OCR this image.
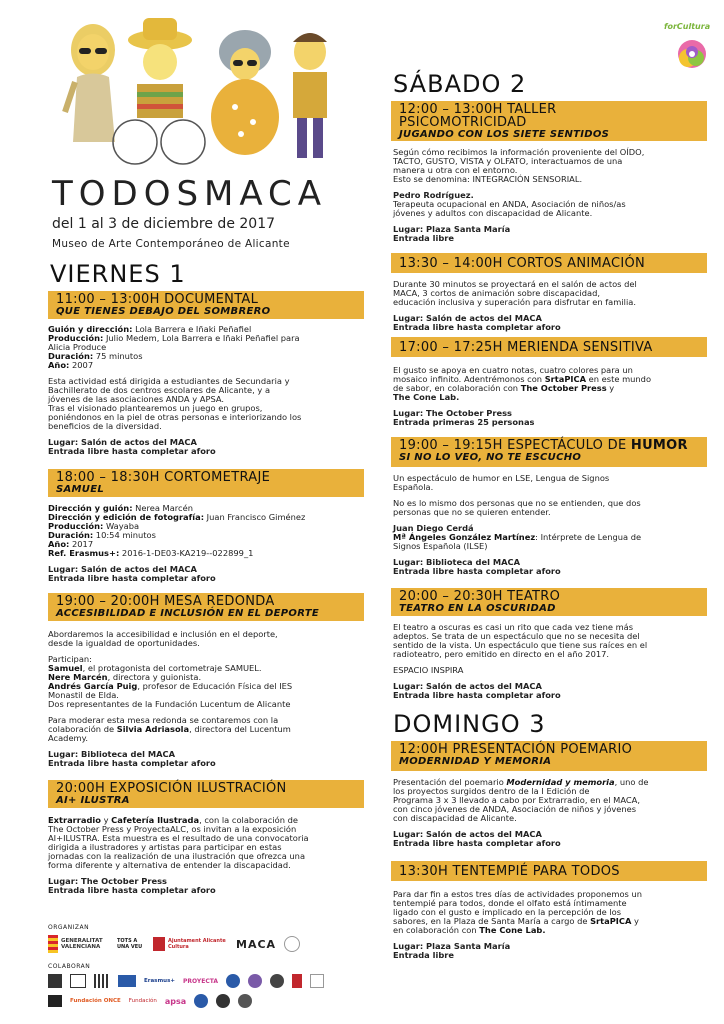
forCultura
TODOSMACA
del 1 al 3 de diciembre de 2017
Museo de Arte Contemporáneo de Alicante
VIERNES 1
11:00 – 13:00H DOCUMENTAL
QUE TIENES DEBAJO DEL SOMBRERO
Guión y dirección: Lola Barrera e Iñaki Peñafiel
Producción: Julio Medem, Lola Barrera e Iñaki Peñafiel para
Alicia Produce
Duración: 75 minutos
Año: 2007
Esta actividad está dirigida a estudiantes de Secundaria y
Bachillerato de dos centros escolares de Alicante, y a
jóvenes de las asociaciones ANDA y APSA.
Tras el visionado plantearemos un juego en grupos,
poniéndonos en la piel de otras personas e interiorizando los
beneficios de la diversidad.
Lugar: Salón de actos del MACA
Entrada libre hasta completar aforo
18:00 – 18:30H CORTOMETRAJE
SAMUEL
Dirección y guión: Nerea Marcén
Dirección y edición de fotografía: Juan Francisco Giménez
Producción: Wayaba
Duración: 10:54 minutos
Año: 2017
Ref. Erasmus+: 2016-1-DE03-KA219--022899_1
Lugar: Salón de actos del MACA
Entrada libre hasta completar aforo
19:00 – 20:00H MESA REDONDA
ACCESIBILIDAD E INCLUSIÓN EN EL DEPORTE
Abordaremos la accesibilidad e inclusión en el deporte,
desde la igualdad de oportunidades.
Participan:
Samuel, el protagonista del cortometraje SAMUEL.
Nere Marcén, directora y guionista.
Andrés García Puig, profesor de Educación Física del IES
Monastil de Elda.
Dos representantes de la Fundación Lucentum de Alicante
Para moderar esta mesa redonda se contaremos con la
colaboración de Silvia Adriasola, directora del Lucentum
Academy.
Lugar: Biblioteca del MACA
Entrada libre hasta completar aforo
20:00H EXPOSICIÓN ILUSTRACIÓN
AI+ ILUSTRA
Extrarradio y Cafetería Ilustrada, con la colaboración de
The October Press y ProyectaALC, os invitan a la exposición
AI+ILUSTRA. Esta muestra es el resultado de una convocatoria
dirigida a ilustradores y artistas para participar en estas
jornadas con la realización de una ilustración que ofrezca una
forma diferente y alternativa de entender la discapacidad.
Lugar: The October Press
Entrada libre hasta completar aforo
ORGANIZAN
GENERALITAT VALENCIANA
TOTS A UNA VEU
Ajuntament Alicante Cultura	MACA
COLABORAN
Erasmus+ PROYECTA
Fundación ONCE Fundación apsa
SÁBADO 2
12:00 – 13:00H TALLER
PSICOMOTRICIDAD
JUGANDO CON LOS SIETE SENTIDOS
Según cómo recibimos la información proveniente del OÍDO,
TACTO, GUSTO, VISTA y OLFATO, interactuamos de una
manera u otra con el entorno.
Esto se denomina: INTEGRACIÓN SENSORIAL.
Pedro Rodríguez.
Terapeuta ocupacional en ANDA, Asociación de niños/as
jóvenes y adultos con discapacidad de Alicante.
Lugar: Plaza Santa María
Entrada libre
13:30 – 14:00H CORTOS ANIMACIÓN
Durante 30 minutos se proyectará en el salón de actos del
MACA, 3 cortos de animación sobre discapacidad,
educación inclusiva y superación para disfrutar en familia.
Lugar: Salón de actos del MACA
Entrada libre hasta completar aforo
17:00 – 17:25H MERIENDA SENSITIVA
El gusto se apoya en cuatro notas, cuatro colores para un
mosaico infinito. Adentrémonos con SrtaPICA en este mundo
de sabor, en colaboración con The October Press y
The Cone Lab.
Lugar: The October Press
Entrada primeras 25 personas
19:00 – 19:15H ESPECTÁCULO DE HUMOR
SI NO LO VEO, NO TE ESCUCHO
Un espectáculo de humor en LSE, Lengua de Signos
Española.
No es lo mismo dos personas que no se entienden, que dos
personas que no se quieren entender.
Juan Diego Cerdá
Mª Ángeles González Martínez: Intérprete de Lengua de
Signos Española (ILSE)
Lugar: Biblioteca del MACA
Entrada libre hasta completar aforo
20:00 – 20:30H TEATRO
TEATRO EN LA OSCURIDAD
El teatro a oscuras es casi un rito que cada vez tiene más
adeptos. Se trata de un espectáculo que no se necesita del
sentido de la vista. Un espectáculo que tiene sus raíces en el
radioteatro, pero emitido en directo en el año 2017.
ESPACIO INSPIRA
Lugar: Salón de actos del MACA
Entrada libre hasta completar aforo
DOMINGO 3
12:00H PRESENTACIÓN POEMARIO
MODERNIDAD Y MEMORIA
Presentación del poemario Modernidad y memoria, uno de
los proyectos surgidos dentro de la I Edición de
Programa 3 x 3 llevado a cabo por Extrarradio, en el MACA,
con cinco jóvenes de ANDA, Asociación de niños y jóvenes
con discapacidad de Alicante.
Lugar: Salón de actos del MACA
Entrada libre hasta completar aforo
13:30H TENTEMPIÉ PARA TODOS
Para dar fin a estos tres días de actividades proponemos un
tentempié para todos, donde el olfato está íntimamente
ligado con el gusto e implicado en la percepción de los
sabores, en la Plaza de Santa María a cargo de SrtaPICA y
en colaboración con The Cone Lab.
Lugar: Plaza Santa María
Entrada libre
